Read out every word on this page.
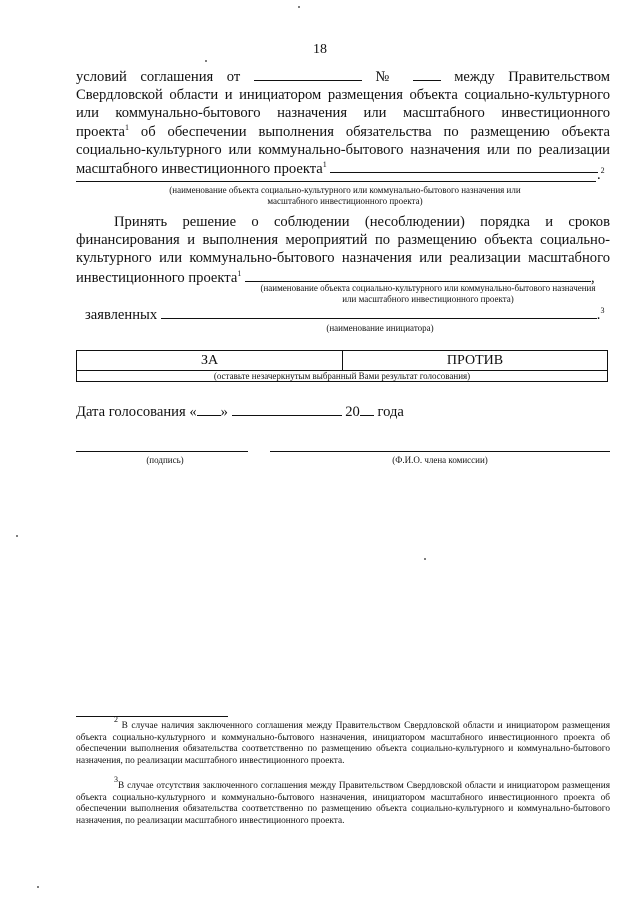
18
условий соглашения от	№	между Правительством
Свердловской области и инициатором размещения объекта социально-культурного
или коммунально-бытового назначения или масштабного инвестиционного
проекта$^1$ об обеспечении выполнения обязательства по размещению объекта
социально-культурного или коммунально-бытового назначения или по реализации
масштабного инвестиционного проекта$^1$
.$^2$
(наименование объекта социально-культурного или коммунально-бытового назначения или масштабного инвестиционного проекта)
Принять решение о соблюдении (несоблюдении) порядка и сроков
финансирования и выполнения мероприятий по размещению объекта социально-
культурного или коммунально-бытового назначения или реализации масштабного
инвестиционного проекта$^1$	,
(наименование объекта социально-культурного или коммунально-бытового назначения или масштабного инвестиционного проекта)
заявленных	.$^3$
(наименование инициатора)
ЗА	ПРОТИВ
(оставьте незачеркнутым выбранный Вами результат голосования)
Дата голосования « »	20 года
(подпись)	(Ф.И.О. члена комиссии)
$^2$ В случае наличия заключенного соглашения между Правительством Свердловской области и инициатором размещения объекта социально-культурного и коммунально-бытового назначения, инициатором масштабного инвестиционного проекта об обеспечении выполнения обязательства соответственно по размещению объекта социально-культурного и коммунально-бытового назначения, по реализации масштабного инвестиционного проекта.
$^3$В случае отсутствия заключенного соглашения между Правительством Свердловской области и инициатором размещения объекта социально-культурного и коммунально-бытового назначения, инициатором масштабного инвестиционного проекта об обеспечении выполнения обязательства соответственно по размещению объекта социально-культурного и коммунально-бытового назначения, по реализации масштабного инвестиционного проекта.
